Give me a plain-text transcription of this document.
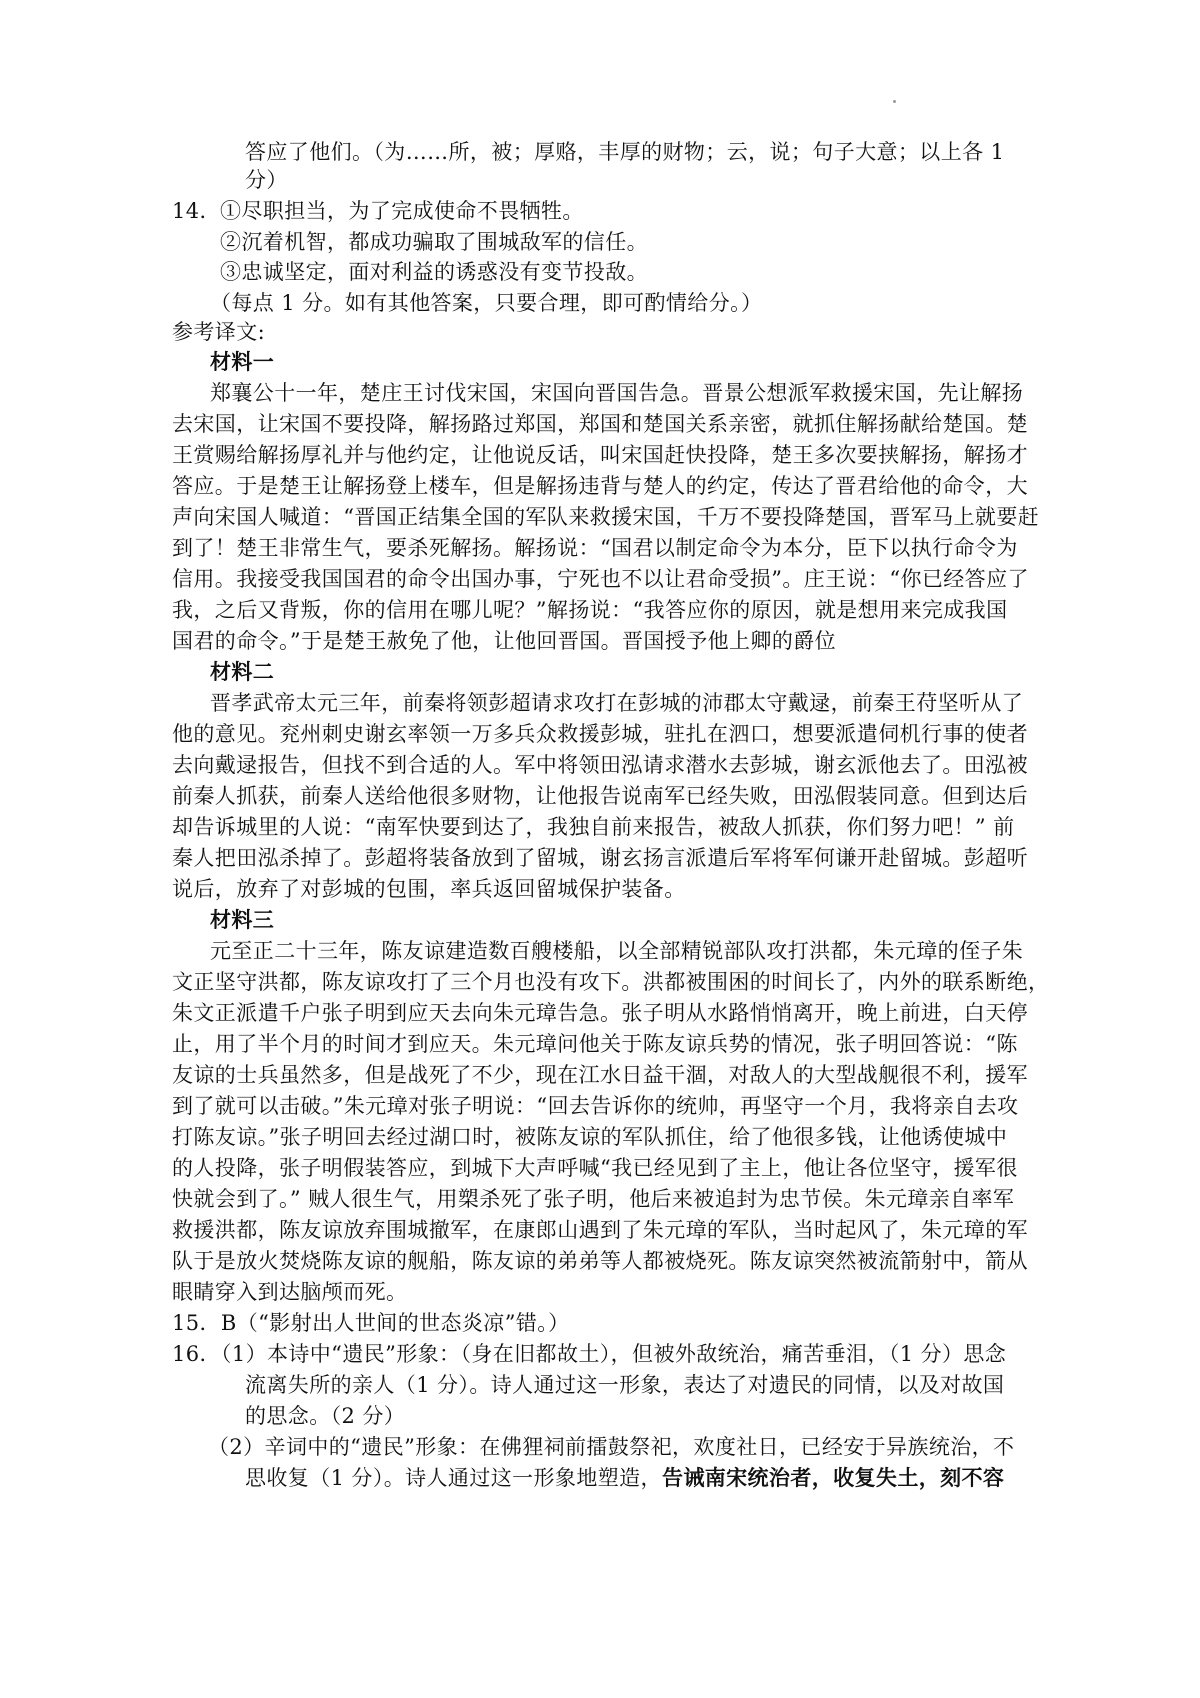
答应了他们。（为……所，被；厚赂，丰厚的财物；云，说；句子大意；以上各 1
分）
14． ①尽职担当，为了完成使命不畏牺牲。
②沉着机智，都成功骗取了围城敌军的信任。
③忠诚坚定，面对利益的诱惑没有变节投敌。
（每点 1 分。如有其他答案，只要合理，即可酌情给分。）
参考译文:
材料一
郑襄公十一年，楚庄王讨伐宋国，宋国向晋国告急。晋景公想派军救援宋国，先让解扬
去宋国，让宋国不要投降，解扬路过郑国，郑国和楚国关系亲密，就抓住解扬献给楚国。楚
王赏赐给解扬厚礼并与他约定，让他说反话，叫宋国赶快投降，楚王多次要挟解扬，解扬才
答应。于是楚王让解扬登上楼车，但是解扬违背与楚人的约定，传达了晋君给他的命令，大
声向宋国人喊道：“晋国正结集全国的军队来救援宋国，千万不要投降楚国，晋军马上就要赶
到了！楚王非常生气，要杀死解扬。解扬说：“国君以制定命令为本分，臣下以执行命令为
信用。我接受我国国君的命令出国办事，宁死也不以让君命受损”。庄王说：“你已经答应了
我，之后又背叛，你的信用在哪儿呢？”解扬说：“我答应你的原因，就是想用来完成我国
国君的命令。”于是楚王赦免了他，让他回晋国。晋国授予他上卿的爵位
材料二
晋孝武帝太元三年，前秦将领彭超请求攻打在彭城的沛郡太守戴逯，前秦王苻坚听从了
他的意见。兖州刺史谢玄率领一万多兵众救援彭城，驻扎在泗口，想要派遣伺机行事的使者
去向戴逯报告，但找不到合适的人。军中将领田泓请求潜水去彭城，谢玄派他去了。田泓被
前秦人抓获，前秦人送给他很多财物，让他报告说南军已经失败，田泓假装同意。但到达后
却告诉城里的人说：“南军快要到达了，我独自前来报告，被敌人抓获，你们努力吧！” 前
秦人把田泓杀掉了。彭超将装备放到了留城，谢玄扬言派遣后军将军何谦开赴留城。彭超听
说后，放弃了对彭城的包围，率兵返回留城保护装备。
材料三
元至正二十三年，陈友谅建造数百艘楼船，以全部精锐部队攻打洪都，朱元璋的侄子朱
文正坚守洪都，陈友谅攻打了三个月也没有攻下。洪都被围困的时间长了，内外的联系断绝，
朱文正派遣千户张子明到应天去向朱元璋告急。张子明从水路悄悄离开，晚上前进，白天停
止，用了半个月的时间才到应天。朱元璋问他关于陈友谅兵势的情况，张子明回答说：“陈
友谅的士兵虽然多，但是战死了不少，现在江水日益干涸，对敌人的大型战舰很不利，援军
到了就可以击破。”朱元璋对张子明说：“回去告诉你的统帅，再坚守一个月，我将亲自去攻
打陈友谅。”张子明回去经过湖口时，被陈友谅的军队抓住，给了他很多钱，让他诱使城中
的人投降，张子明假装答应，到城下大声呼喊“我已经见到了主上，他让各位坚守，援军很
快就会到了。” 贼人很生气，用槊杀死了张子明，他后来被追封为忠节侯。朱元璋亲自率军
救援洪都，陈友谅放弃围城撤军，在康郎山遇到了朱元璋的军队，当时起风了，朱元璋的军
队于是放火焚烧陈友谅的舰船，陈友谅的弟弟等人都被烧死。陈友谅突然被流箭射中，箭从
眼睛穿入到达脑颅而死。
15．B（“影射出人世间的世态炎凉”错。）
16．（1）本诗中“遗民”形象：（身在旧都故土），但被外敌统治，痛苦垂泪，（1 分）思念
流离失所的亲人（1 分）。诗人通过这一形象，表达了对遗民的同情，以及对故国
的思念。（2 分）
（2）辛词中的“遗民”形象：在佛狸祠前擂鼓祭祀，欢度社日，已经安于异族统治，不
思收复（1 分）。诗人通过这一形象地塑造，告诫南宋统治者，收复失土，刻不容
